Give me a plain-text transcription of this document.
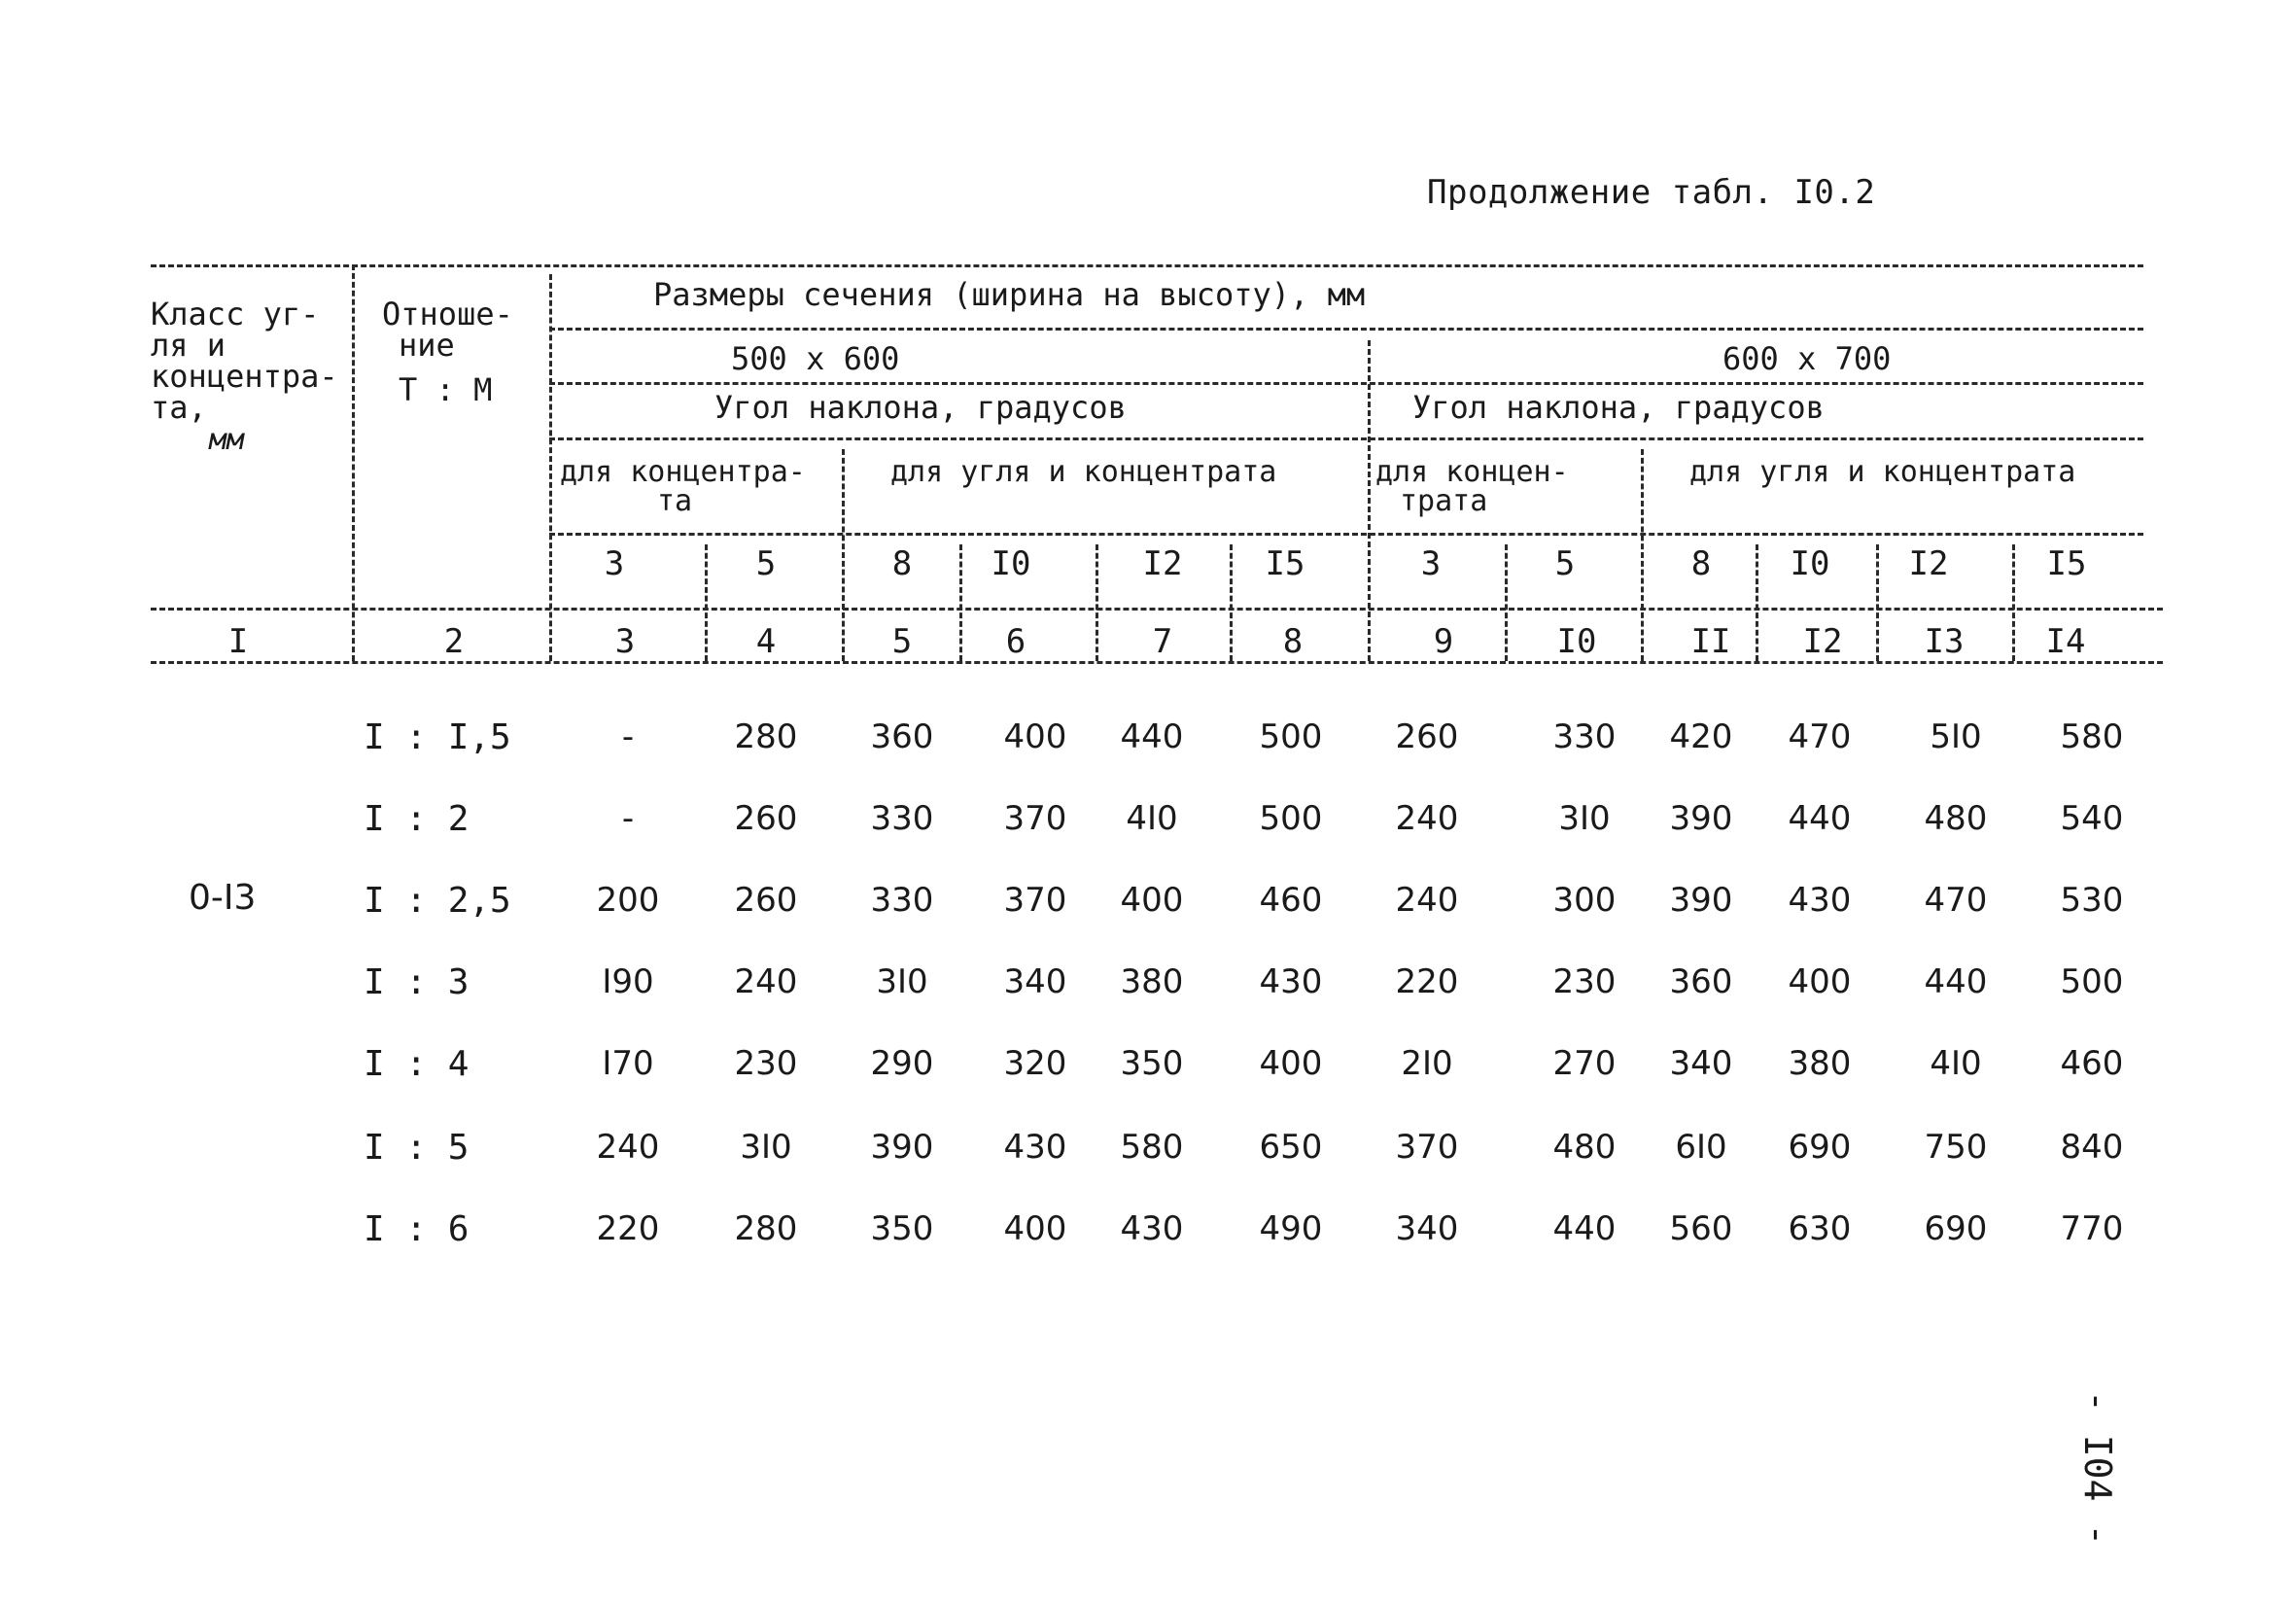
Продолжение табл. I0.2
Класс уг-
ля и
концентра-
та,
мм
Отноше-
ние
Т : М
Размеры сечения (ширина на высоту), мм
500 х 600	600 х 700
Угол наклона, градусов	Угол наклона, градусов
для концентра-
та
для угля и концентрата	для концен-
трата
для угля и концентрата
3	5	8	I0	I2	I5	3	5	8	I0	I2	I5
I	2	3	4	5	6	7	8	9	I0	II	I2	I3	I4
0-I3
I : I,5	-	280	360	400	440	500	260	330	420	470	5I0	580
I : 2	-	260	330	370	4I0	500	240	3I0	390	440	480	540
I : 2,5	200	260	330	370	400	460	240	300	390	430	470	530
I : 3	I90	240	3I0	340	380	430	220	230	360	400	440	500
I : 4	I70	230	290	320	350	400	2I0	270	340	380	4I0	460
I : 5	240	3I0	390	430	580	650	370	480	6I0	690	750	840
I : 6	220	280	350	400	430	490	340	440	560	630	690	770
- I04 -
